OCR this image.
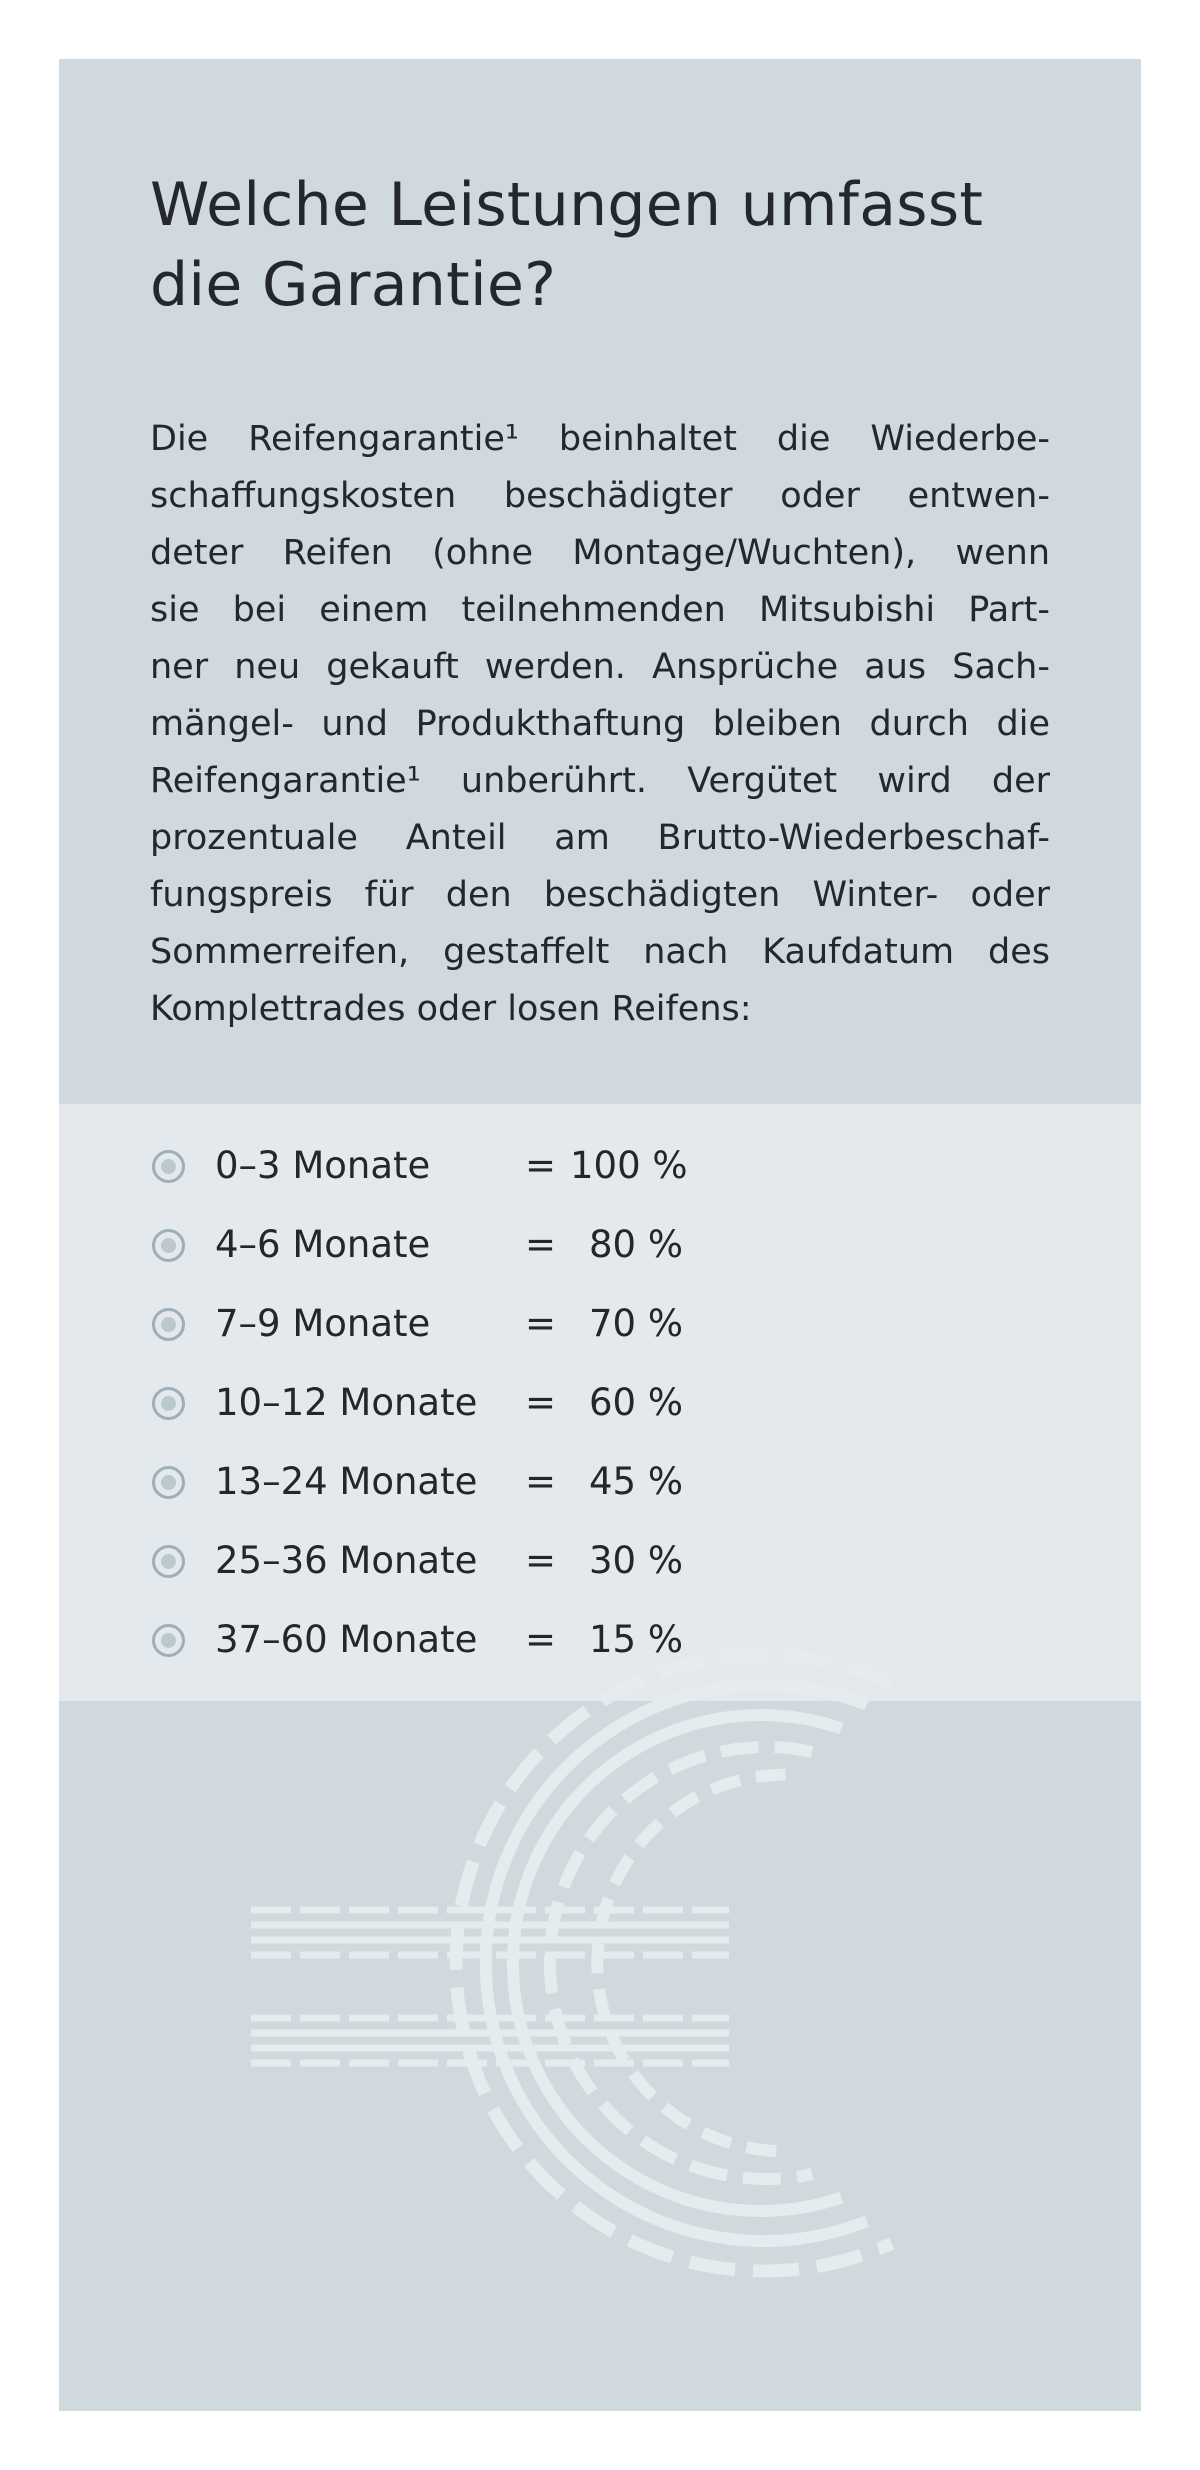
Welche Leistungen umfasst
die Garantie?
Die Reifengarantie¹ beinhaltet die Wiederbe-
schaffungskosten beschädigter oder entwen-
deter Reifen (ohne Montage/Wuchten), wenn
sie bei einem teilnehmenden Mitsubishi Part-
ner neu gekauft werden. Ansprüche aus Sach-
mängel- und Produkthaftung bleiben durch die
Reifengarantie¹ unberührt. Vergütet wird der
prozentuale Anteil am Brutto-Wiederbeschaf-
fungspreis für den beschädigten Winter- oder
Sommerreifen, gestaffelt nach Kaufdatum des
Komplettrades oder losen Reifens:
0–3 Monate	= 100 %
4–6 Monate	= 80 %
7–9 Monate	= 70 %
10–12 Monate = 60 %
13–24 Monate = 45 %
25–36 Monate = 30 %
37–60 Monate = 15 %
